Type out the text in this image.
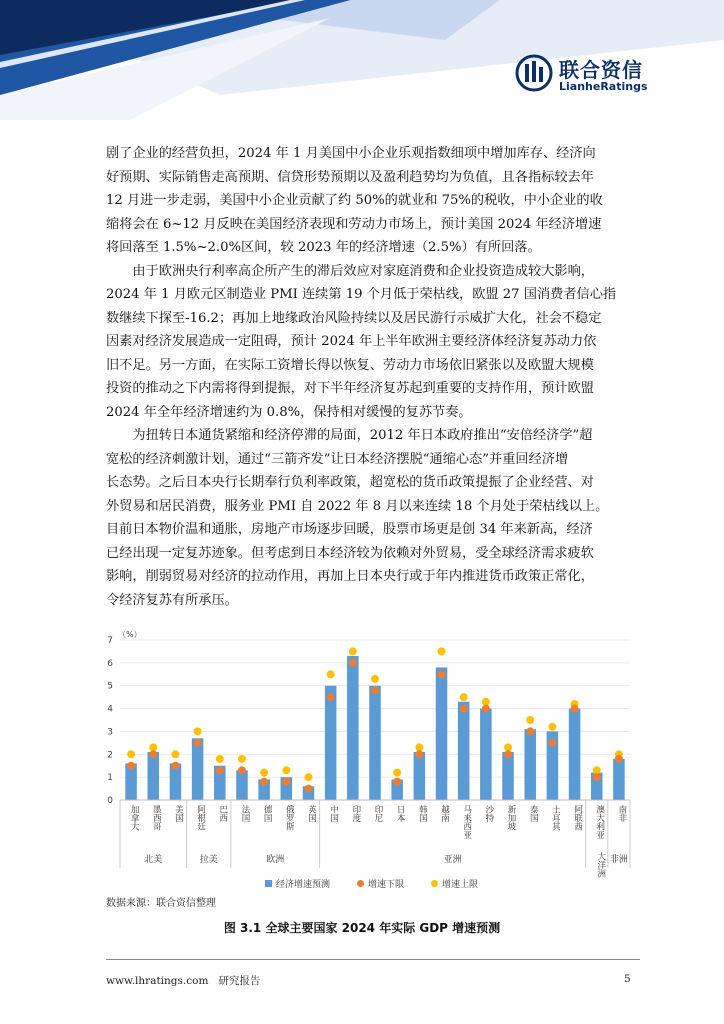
联合资信
LianheRatings

剧了企业的经营负担，2024 年 1 月美国中小企业乐观指数细项中增加库存、经济向

好预期、实际销售走高预期、信贷形势预期以及盈利趋势均为负值，且各指标较去年

12 月进一步走弱，美国中小企业贡献了约 50%的就业和 75%的税收，中小企业的收

缩将会在 6~12 月反映在美国经济表现和劳动力市场上，预计美国 2024 年经济增速

将回落至 1.5%~2.0%区间，较 2023 年的经济增速（2.5%）有所回落。

由于欧洲央行利率高企所产生的滞后效应对家庭消费和企业投资造成较大影响，

2024 年 1 月欧元区制造业 PMI 连续第 19 个月低于荣枯线，欧盟 27 国消费者信心指

数继续下探至-16.2；再加上地缘政治风险持续以及居民游行示威扩大化，社会不稳定

因素对经济发展造成一定阻碍，预计 2024 年上半年欧洲主要经济体经济复苏动力依

旧不足。另一方面，在实际工资增长得以恢复、劳动力市场依旧紧张以及欧盟大规模

投资的推动之下内需将得到提振，对下半年经济复苏起到重要的支持作用，预计欧盟

2024 年全年经济增速约为 0.8%，保持相对缓慢的复苏节奏。

为扭转日本通货紧缩和经济停滞的局面，2012 年日本政府推出“安倍经济学”超

宽松的经济刺激计划，通过“三箭齐发”让日本经济摆脱“通缩心态”并重回经济增

长态势。之后日本央行长期奉行负利率政策，超宽松的货币政策提振了企业经营、对

外贸易和居民消费，服务业 PMI 自 2022 年 8 月以来连续 18 个月处于荣枯线以上。

目前日本物价温和通胀，房地产市场逐步回暖，股票市场更是创 34 年来新高，经济

已经出现一定复苏迹象。但考虑到日本经济较为依赖对外贸易，受全球经济需求疲软

影响，削弱贸易对经济的拉动作用，再加上日本央行或于年内推进货币政策正常化，

令经济复苏有所承压。

（%）
0
1
2
3
4
5
6
7
加拿大 墨西哥 美国 阿根廷 巴西 法国 德国 俄罗斯 英国 中国 印度 印尼 日本 韩国 越南 马来西亚 沙特 新加坡 泰国 土耳其 阿联酋 澳大利亚 南非
北美	拉美	欧洲	亚洲	大洋洲 非洲
经济增速预测	增速下限	增速上限
数据来源：联合资信整理
图 3.1 全球主要国家 2024 年实际 GDP 增速预测
www.lhratings.com 研究报告	5
